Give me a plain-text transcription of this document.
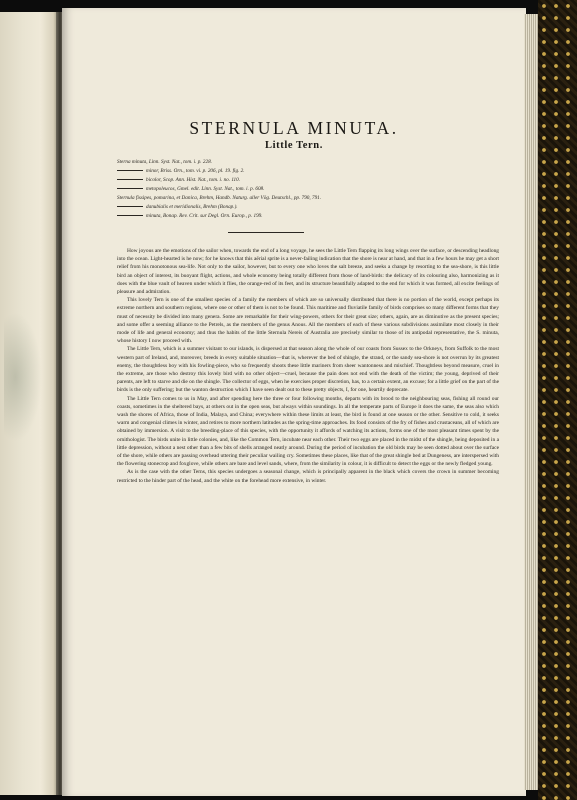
STERNULA MINUTA.
Little Tern.
Sterna minuta, Linn. Syst. Nat., tom. i. p. 228.
minor, Briss. Orn., tom. vi. p. 206, pl. 19. fig. 2.
bicolor, Scop. Ann. Hist. Nat., tom. i. no. 110.
metopoleucos, Gmel. edit. Linn. Syst. Nat., tom. i. p. 608.
Sternula fissipes, pomarina, et Danica, Brehm, Handb. Naturg. aller Vög. Deutschl., pp. 790, 791.
danubialis et meridionalis, Brehm (Bonap.).
minuta, Bonap. Rev. Crit. sur Degl. Orn. Europ., p. 199.

How joyous are the emotions of the sailor when, towards the end of a long voyage, he sees the Little Tern flapping its long wings over the surface, or descending headlong into the ocean. Light-hearted is he now; for he knows that this aërial sprite is a never-failing indication that the shore is near at hand, and that in a few hours he may get a short relief from his monotonous sea-life. Not only to the sailor, however, but to every one who loves the salt breeze, and seeks a change by resorting to the sea-shore, is this little bird an object of interest, its buoyant flight, actions, and whole economy being totally different from those of land-birds: the delicacy of its colouring also, harmonizing as it does with the blue vault of heaven under which it flies, the orange-red of its feet, and its structure beautifully adapted to the end for which it was formed, all excite feelings of pleasure and admiration.

This lovely Tern is one of the smallest species of a family the members of which are so universally distributed that there is no portion of the world, except perhaps its extreme northern and southern regions, where one or other of them is not to be found. This maritime and fluviatile family of birds comprises so many different forms that they must of necessity be divided into many genera. Some are remarkable for their wing-powers, others for their great size; others, again, are as diminutive as the present species; and some offer a seeming alliance to the Petrels, as the members of the genus Anous. All the members of each of these various subdivisions assimilate most closely in their mode of life and general economy; and thus the habits of the little Sternula Nereis of Australia are precisely similar to those of its antipodal representative, the S. minuta, whose history I now proceed with.

The Little Tern, which is a summer visitant to our islands, is dispersed at that season along the whole of our coasts from Sussex to the Orkneys, from Suffolk to the most western part of Ireland, and, moreover, breeds in every suitable situation—that is, wherever the bed of shingle, the strand, or the sandy sea-shore is not overrun by its greatest enemy, the thoughtless boy with his fowling-piece, who so frequently shoots these little mariners from sheer wantonness and mischief. Thoughtless beyond measure, cruel in the extreme, are those who destroy this lovely bird with no other object—cruel, because the pain does not end with the death of the victim; the young, deprived of their parents, are left to starve and die on the shingle. The collector of eggs, when he exercises proper discretion, has, to a certain extent, an excuse; for a little grief on the part of the birds is the only suffering; but the wanton destruction which I have seen dealt out to these pretty objects, I, for one, heartily deprecate.

The Little Tern comes to us in May, and after spending here the three or four following months, departs with its brood to the neighbouring seas, fishing all round our coasts, sometimes in the sheltered bays, at others out in the open seas, but always within soundings. In all the temperate parts of Europe it does the same, the seas also which wash the shores of Africa, those of India, Malaya, and China; everywhere within these limits at least, the bird is found at one season or the other. Sensitive to cold, it seeks warm and congenial climes in winter, and retires to more northern latitudes as the spring-time approaches. Its food consists of the fry of fishes and crustaceans, all of which are obtained by immersion. A visit to the breeding-place of this species, with the opportunity it affords of watching its actions, forms one of the most pleasant times spent by the ornithologist. The birds unite in little colonies, and, like the Common Tern, incubate near each other. Their two eggs are placed in the midst of the shingle, being deposited in a little depression, without a nest other than a few bits of shells arranged neatly around. During the period of incubation the old birds may be seen dotted about over the surface of the shore, while others are passing overhead uttering their peculiar wailing cry. Sometimes these places, like that of the great shingle bed at Dungeness, are interspersed with the flowering stonecrop and foxglove, while others are bare and level sands, where, from the similarity in colour, it is difficult to detect the eggs or the newly fledged young.

As is the case with the other Terns, this species undergoes a seasonal change, which is principally apparent in the black which covers the crown in summer becoming restricted to the hinder part of the head, and the white on the forehead more extensive, in winter.
